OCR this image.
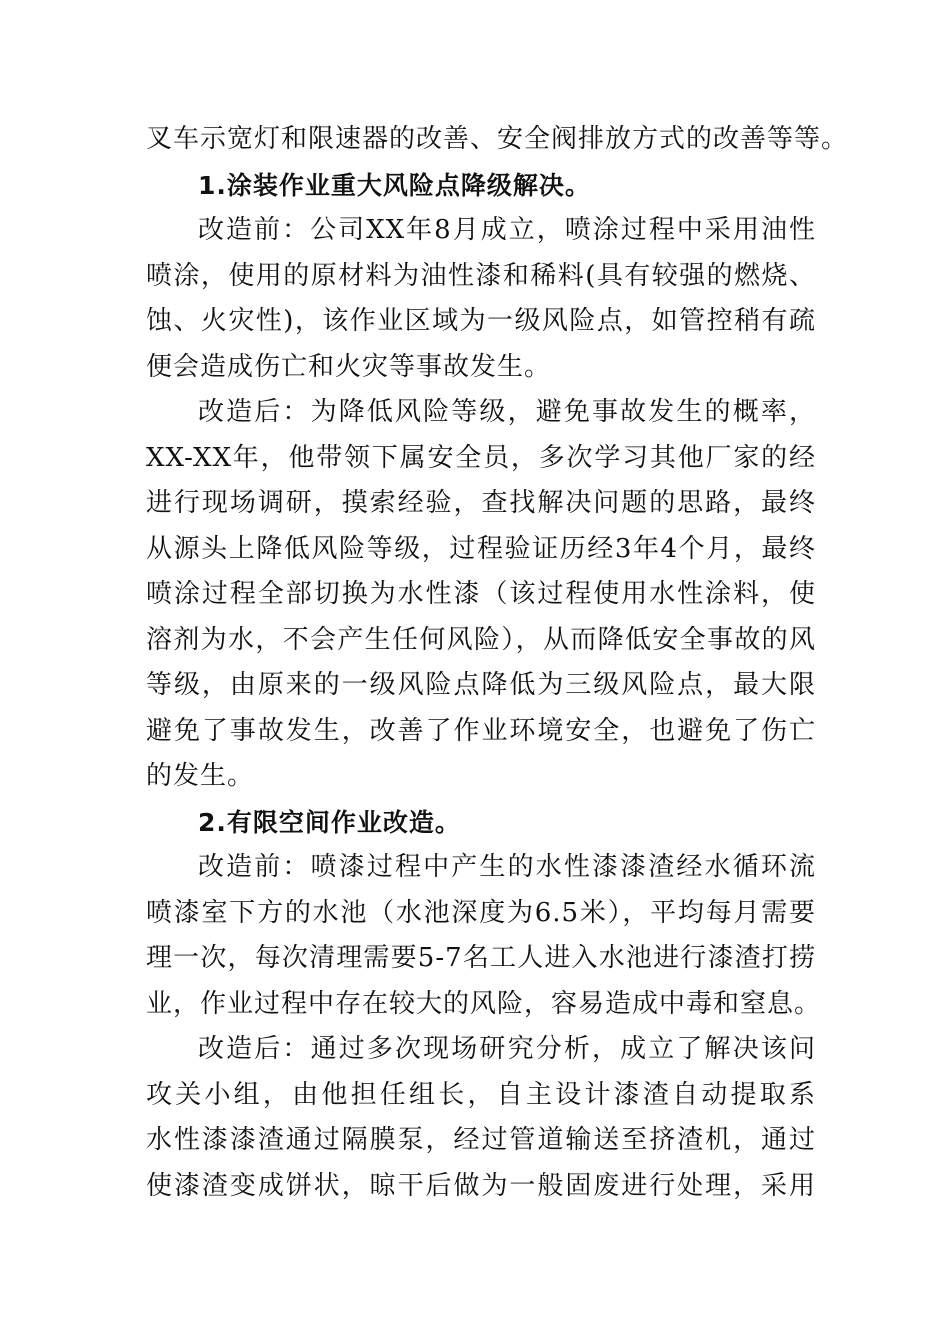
叉车示宽灯和限速器的改善、安全阀排放方式的改善等等。
1.涂装作业重大风险点降级解决。
改造前：公司XX年8月成立，喷涂过程中采用油性
喷涂，使用的原材料为油性漆和稀料(具有较强的燃烧、
蚀、火灾性)，该作业区域为一级风险点，如管控稍有疏
便会造成伤亡和火灾等事故发生。
改造后：为降低风险等级，避免事故发生的概率，
XX-XX年，他带领下属安全员，多次学习其他厂家的经
进行现场调研，摸索经验，查找解决问题的思路，最终
从源头上降低风险等级，过程验证历经3年4个月，最终
喷涂过程全部切换为水性漆（该过程使用水性涂料，使
溶剂为水，不会产生任何风险），从而降低安全事故的风
等级，由原来的一级风险点降低为三级风险点，最大限
避免了事故发生，改善了作业环境安全，也避免了伤亡
的发生。
2.有限空间作业改造。
改造前：喷漆过程中产生的水性漆漆渣经水循环流
喷漆室下方的水池（水池深度为6.5米），平均每月需要
理一次，每次清理需要5-7名工人进入水池进行漆渣打捞
业，作业过程中存在较大的风险，容易造成中毒和窒息。
改造后：通过多次现场研究分析，成立了解决该问
攻关小组，由他担任组长，自主设计漆渣自动提取系
水性漆漆渣通过隔膜泵，经过管道输送至挤渣机，通过
使漆渣变成饼状，晾干后做为一般固废进行处理，采用
